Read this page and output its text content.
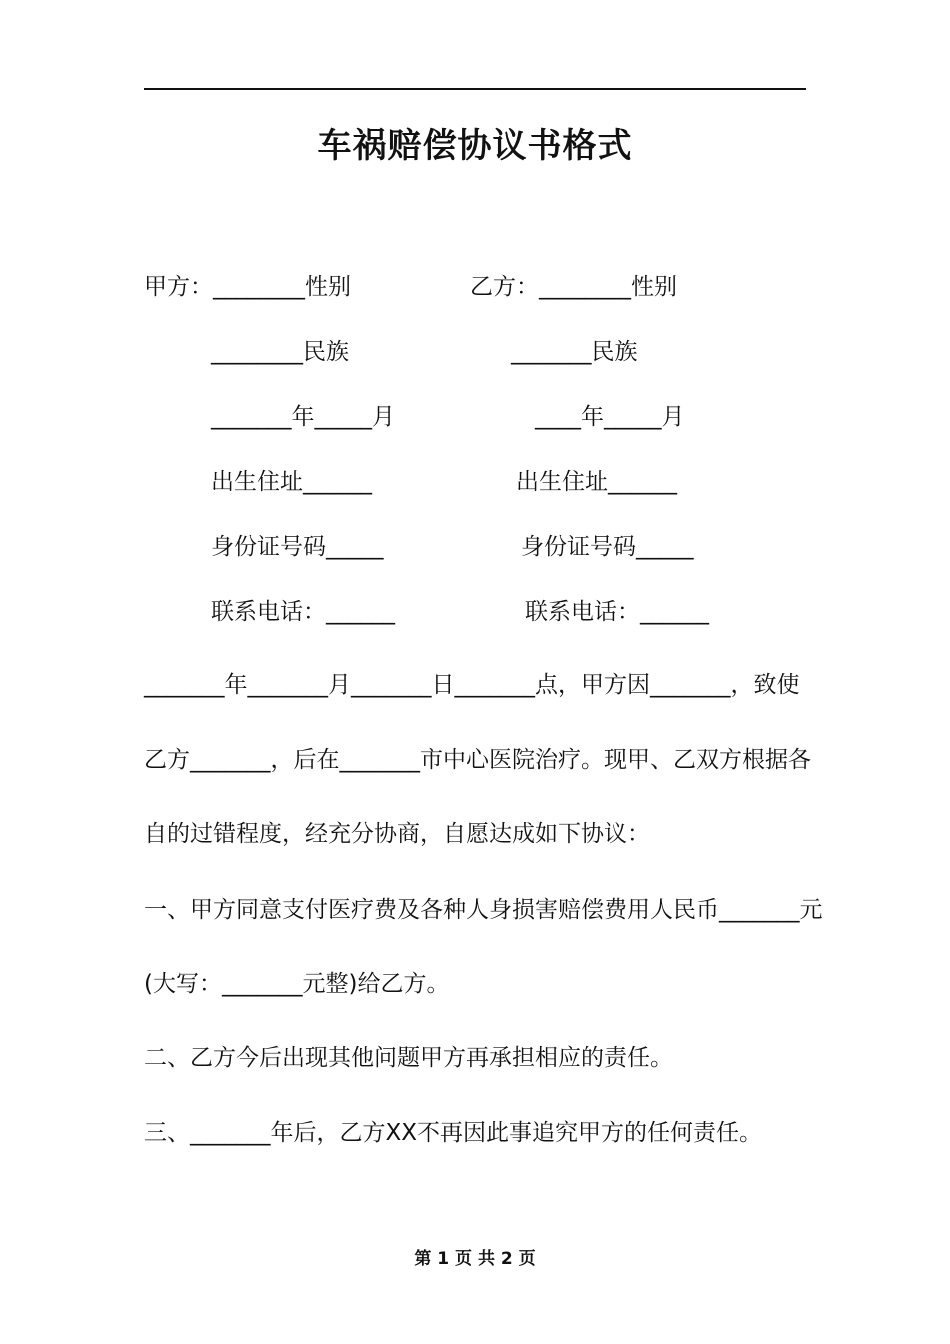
车祸赔偿协议书格式
甲方：________性别
________民族
_______年_____月
出生住址______
身份证号码_____
联系电话：______
乙方：________性别
_______民族
____年_____月
出生住址______
身份证号码_____
联系电话：______
_______年_______月_______日_______点，甲方因_______，致使
乙方_______，后在_______市中心医院治疗。现甲、乙双方根据各
自的过错程度，经充分协商，自愿达成如下协议：
一、甲方同意支付医疗费及各种人身损害赔偿费用人民币_______元
(大写：_______元整)给乙方。
二、乙方今后出现其他问题甲方再承担相应的责任。
三、_______年后，乙方XX不再因此事追究甲方的任何责任。
第 1 页 共 2 页
